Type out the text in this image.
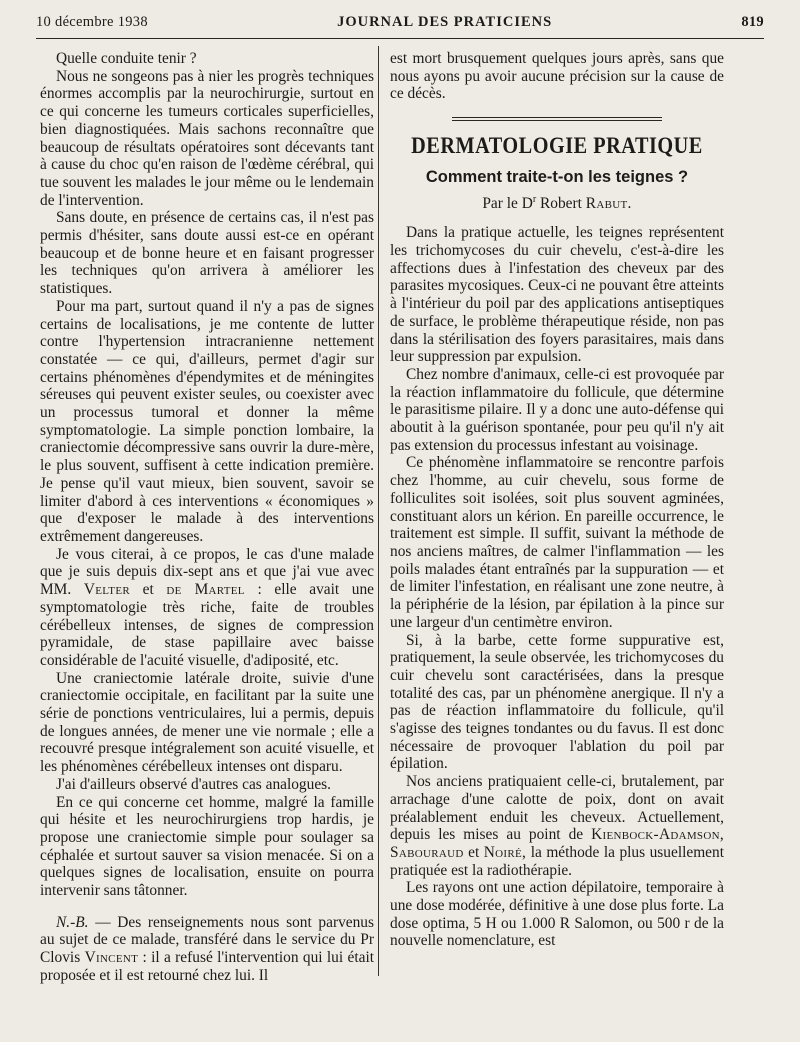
10 décembre 1938	JOURNAL DES PRATICIENS	819

Quelle conduite tenir ?

Nous ne songeons pas à nier les progrès techniques énormes accomplis par la neurochirurgie, surtout en ce qui concerne les tumeurs corticales superficielles, bien diagnostiquées. Mais sachons reconnaître que beaucoup de résultats opératoires sont décevants tant à cause du choc qu'en raison de l'œdème cérébral, qui tue souvent les malades le jour même ou le lendemain de l'intervention.

Sans doute, en présence de certains cas, il n'est pas permis d'hésiter, sans doute aussi est-ce en opérant beaucoup et de bonne heure et en faisant progresser les techniques qu'on arrivera à améliorer les statistiques.

Pour ma part, surtout quand il n'y a pas de signes certains de localisations, je me contente de lutter contre l'hypertension intracranienne nettement constatée — ce qui, d'ailleurs, permet d'agir sur certains phénomènes d'épendymites et de méningites séreuses qui peuvent exister seules, ou coexister avec un processus tumoral et donner la même symptomatologie. La simple ponction lombaire, la craniectomie décompressive sans ouvrir la dure-mère, le plus souvent, suffisent à cette indication première. Je pense qu'il vaut mieux, bien souvent, savoir se limiter d'abord à ces interventions « économiques » que d'exposer le malade à des interventions extrêmement dangereuses.

Je vous citerai, à ce propos, le cas d'une malade que je suis depuis dix-sept ans et que j'ai vue avec MM. Velter et de Martel : elle avait une symptomatologie très riche, faite de troubles cérébelleux intenses, de signes de compression pyramidale, de stase papillaire avec baisse considérable de l'acuité visuelle, d'adiposité, etc.

Une craniectomie latérale droite, suivie d'une craniectomie occipitale, en facilitant par la suite une série de ponctions ventriculaires, lui a permis, depuis de longues années, de mener une vie normale ; elle a recouvré presque intégralement son acuité visuelle, et les phénomènes cérébelleux intenses ont disparu.

J'ai d'ailleurs observé d'autres cas analogues.

En ce qui concerne cet homme, malgré la famille qui hésite et les neurochirurgiens trop hardis, je propose une craniectomie simple pour soulager sa céphalée et surtout sauver sa vision menacée. Si on a quelques signes de localisation, ensuite on pourra intervenir sans tâtonner.

N.-B. — Des renseignements nous sont parvenus au sujet de ce malade, transféré dans le service du Pr Clovis Vincent : il a refusé l'intervention qui lui était proposée et il est retourné chez lui. Il

est mort brusquement quelques jours après, sans que nous ayons pu avoir aucune précision sur la cause de ce décès.

DERMATOLOGIE PRATIQUE
Comment traite-t-on les teignes ?
Par le $D^r$ Robert Rabut.

Dans la pratique actuelle, les teignes représentent les trichomycoses du cuir chevelu, c'est-à-dire les affections dues à l'infestation des cheveux par des parasites mycosiques. Ceux-ci ne pouvant être atteints à l'intérieur du poil par des applications antiseptiques de surface, le problème thérapeutique réside, non pas dans la stérilisation des foyers parasitaires, mais dans leur suppression par expulsion.

Chez nombre d'animaux, celle-ci est provoquée par la réaction inflammatoire du follicule, que détermine le parasitisme pilaire. Il y a donc une auto-défense qui aboutit à la guérison spontanée, pour peu qu'il n'y ait pas extension du processus infestant au voisinage.

Ce phénomène inflammatoire se rencontre parfois chez l'homme, au cuir chevelu, sous forme de folliculites soit isolées, soit plus souvent agminées, constituant alors un kérion. En pareille occurrence, le traitement est simple. Il suffit, suivant la méthode de nos anciens maîtres, de calmer l'inflammation — les poils malades étant entraînés par la suppuration — et de limiter l'infestation, en réalisant une zone neutre, à la périphérie de la lésion, par épilation à la pince sur une largeur d'un centimètre environ.

Si, à la barbe, cette forme suppurative est, pratiquement, la seule observée, les trichomycoses du cuir chevelu sont caractérisées, dans la presque totalité des cas, par un phénomène anergique. Il n'y a pas de réaction inflammatoire du follicule, qu'il s'agisse des teignes tondantes ou du favus. Il est donc nécessaire de provoquer l'ablation du poil par épilation.

Nos anciens pratiquaient celle-ci, brutalement, par arrachage d'une calotte de poix, dont on avait préalablement enduit les cheveux. Actuellement, depuis les mises au point de Kienbock-Adamson, Sabouraud et Noiré, la méthode la plus usuellement pratiquée est la radiothérapie.

Les rayons ont une action dépilatoire, temporaire à une dose modérée, définitive à une dose plus forte. La dose optima, 5 H ou 1.000 R Salomon, ou 500 r de la nouvelle nomenclature, est
